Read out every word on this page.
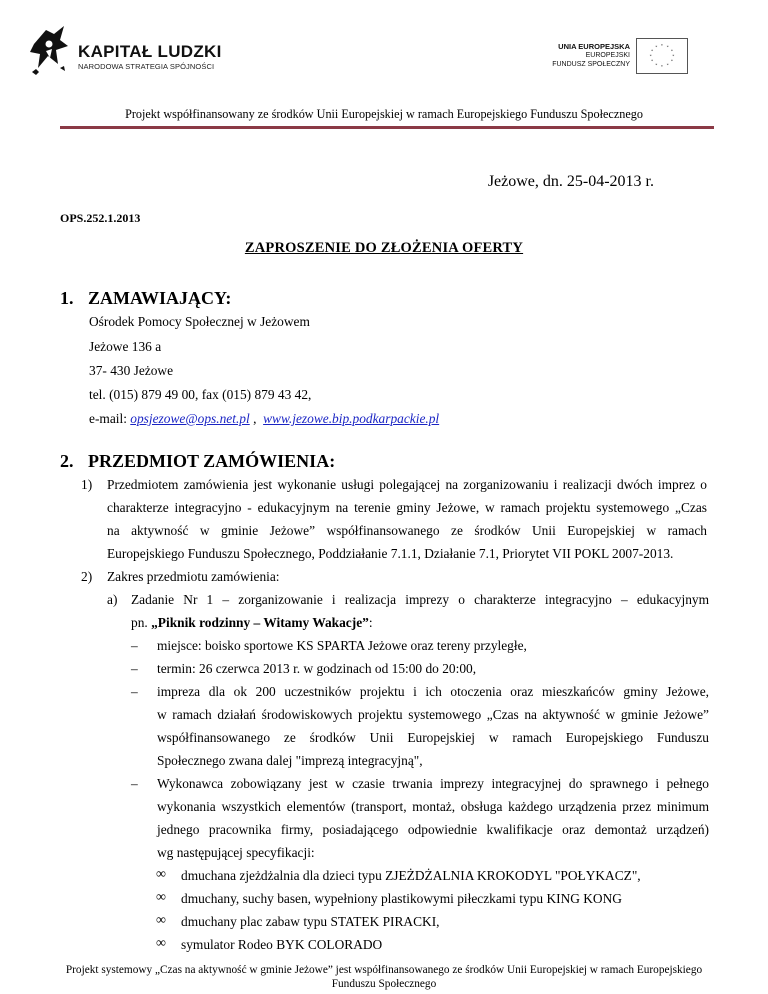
KAPITAŁ LUDZKI
NARODOWA STRATEGIA SPÓJNOŚCI
UNIA EUROPEJSKA
EUROPEJSKI
FUNDUSZ SPOŁECZNY
* *
*
*
*
*
*
*
*
*
*
*
Projekt współfinansowany ze środków Unii Europejskiej w ramach Europejskiego Funduszu Społecznego
Jeżowe, dn. 25-04-2013 r.
OPS.252.1.2013
ZAPROSZENIE DO ZŁOŻENIA OFERTY
1. ZAMAWIAJĄCY:
Ośrodek Pomocy Społecznej w Jeżowem
Jeżowe 136 a
37- 430 Jeżowe
tel. (015) 879 49 00, fax (015) 879 43 42,
e-mail: opsjezowe@ops.net.pl ,  www.jezowe.bip.podkarpackie.pl
2. PRZEDMIOT ZAMÓWIENIA:
1) Przedmiotem zamówienia jest wykonanie usługi polegającej na zorganizowaniu i realizacji dwóch imprez o
charakterze integracyjno - edukacyjnym na terenie gminy Jeżowe, w ramach projektu systemowego „Czas
na aktywność w gminie Jeżowe” współfinansowanego ze środków Unii Europejskiej w ramach
Europejskiego Funduszu Społecznego, Poddziałanie 7.1.1, Działanie 7.1, Priorytet VII POKL 2007-2013.
2) Zakres przedmiotu zamówienia:
a) Zadanie Nr 1 – zorganizowanie i realizacja imprezy o charakterze integracyjno – edukacyjnym
pn. „Piknik rodzinny – Witamy Wakacje”:
– miejsce: boisko sportowe KS SPARTA Jeżowe oraz tereny przyległe,
– termin: 26 czerwca 2013 r. w godzinach od 15:00 do 20:00,
– impreza dla ok 200 uczestników projektu i ich otoczenia oraz mieszkańców gminy Jeżowe,
w ramach działań środowiskowych projektu systemowego „Czas na aktywność w gminie Jeżowe”
współfinansowanego ze środków Unii Europejskiej w ramach Europejskiego Funduszu
Społecznego zwana dalej "imprezą integracyjną",
– Wykonawca zobowiązany jest w czasie trwania imprezy integracyjnej do sprawnego i pełnego
wykonania wszystkich elementów (transport, montaż, obsługa każdego urządzenia przez minimum
jednego pracownika firmy, posiadającego odpowiednie kwalifikacje oraz demontaż urządzeń)
wg następującej specyfikacji:
∞ dmuchana zjeżdżalnia dla dzieci typu ZJEŻDŻALNIA KROKODYL "POŁYKACZ",
∞ dmuchany, suchy basen, wypełniony plastikowymi piłeczkami typu KING KONG
∞ dmuchany plac zabaw typu STATEK PIRACKI,
∞ symulator Rodeo BYK COLORADO
Projekt systemowy „Czas na aktywność w gminie Jeżowe” jest współfinansowanego ze środków Unii Europejskiej w ramach Europejskiego
Funduszu Społecznego
